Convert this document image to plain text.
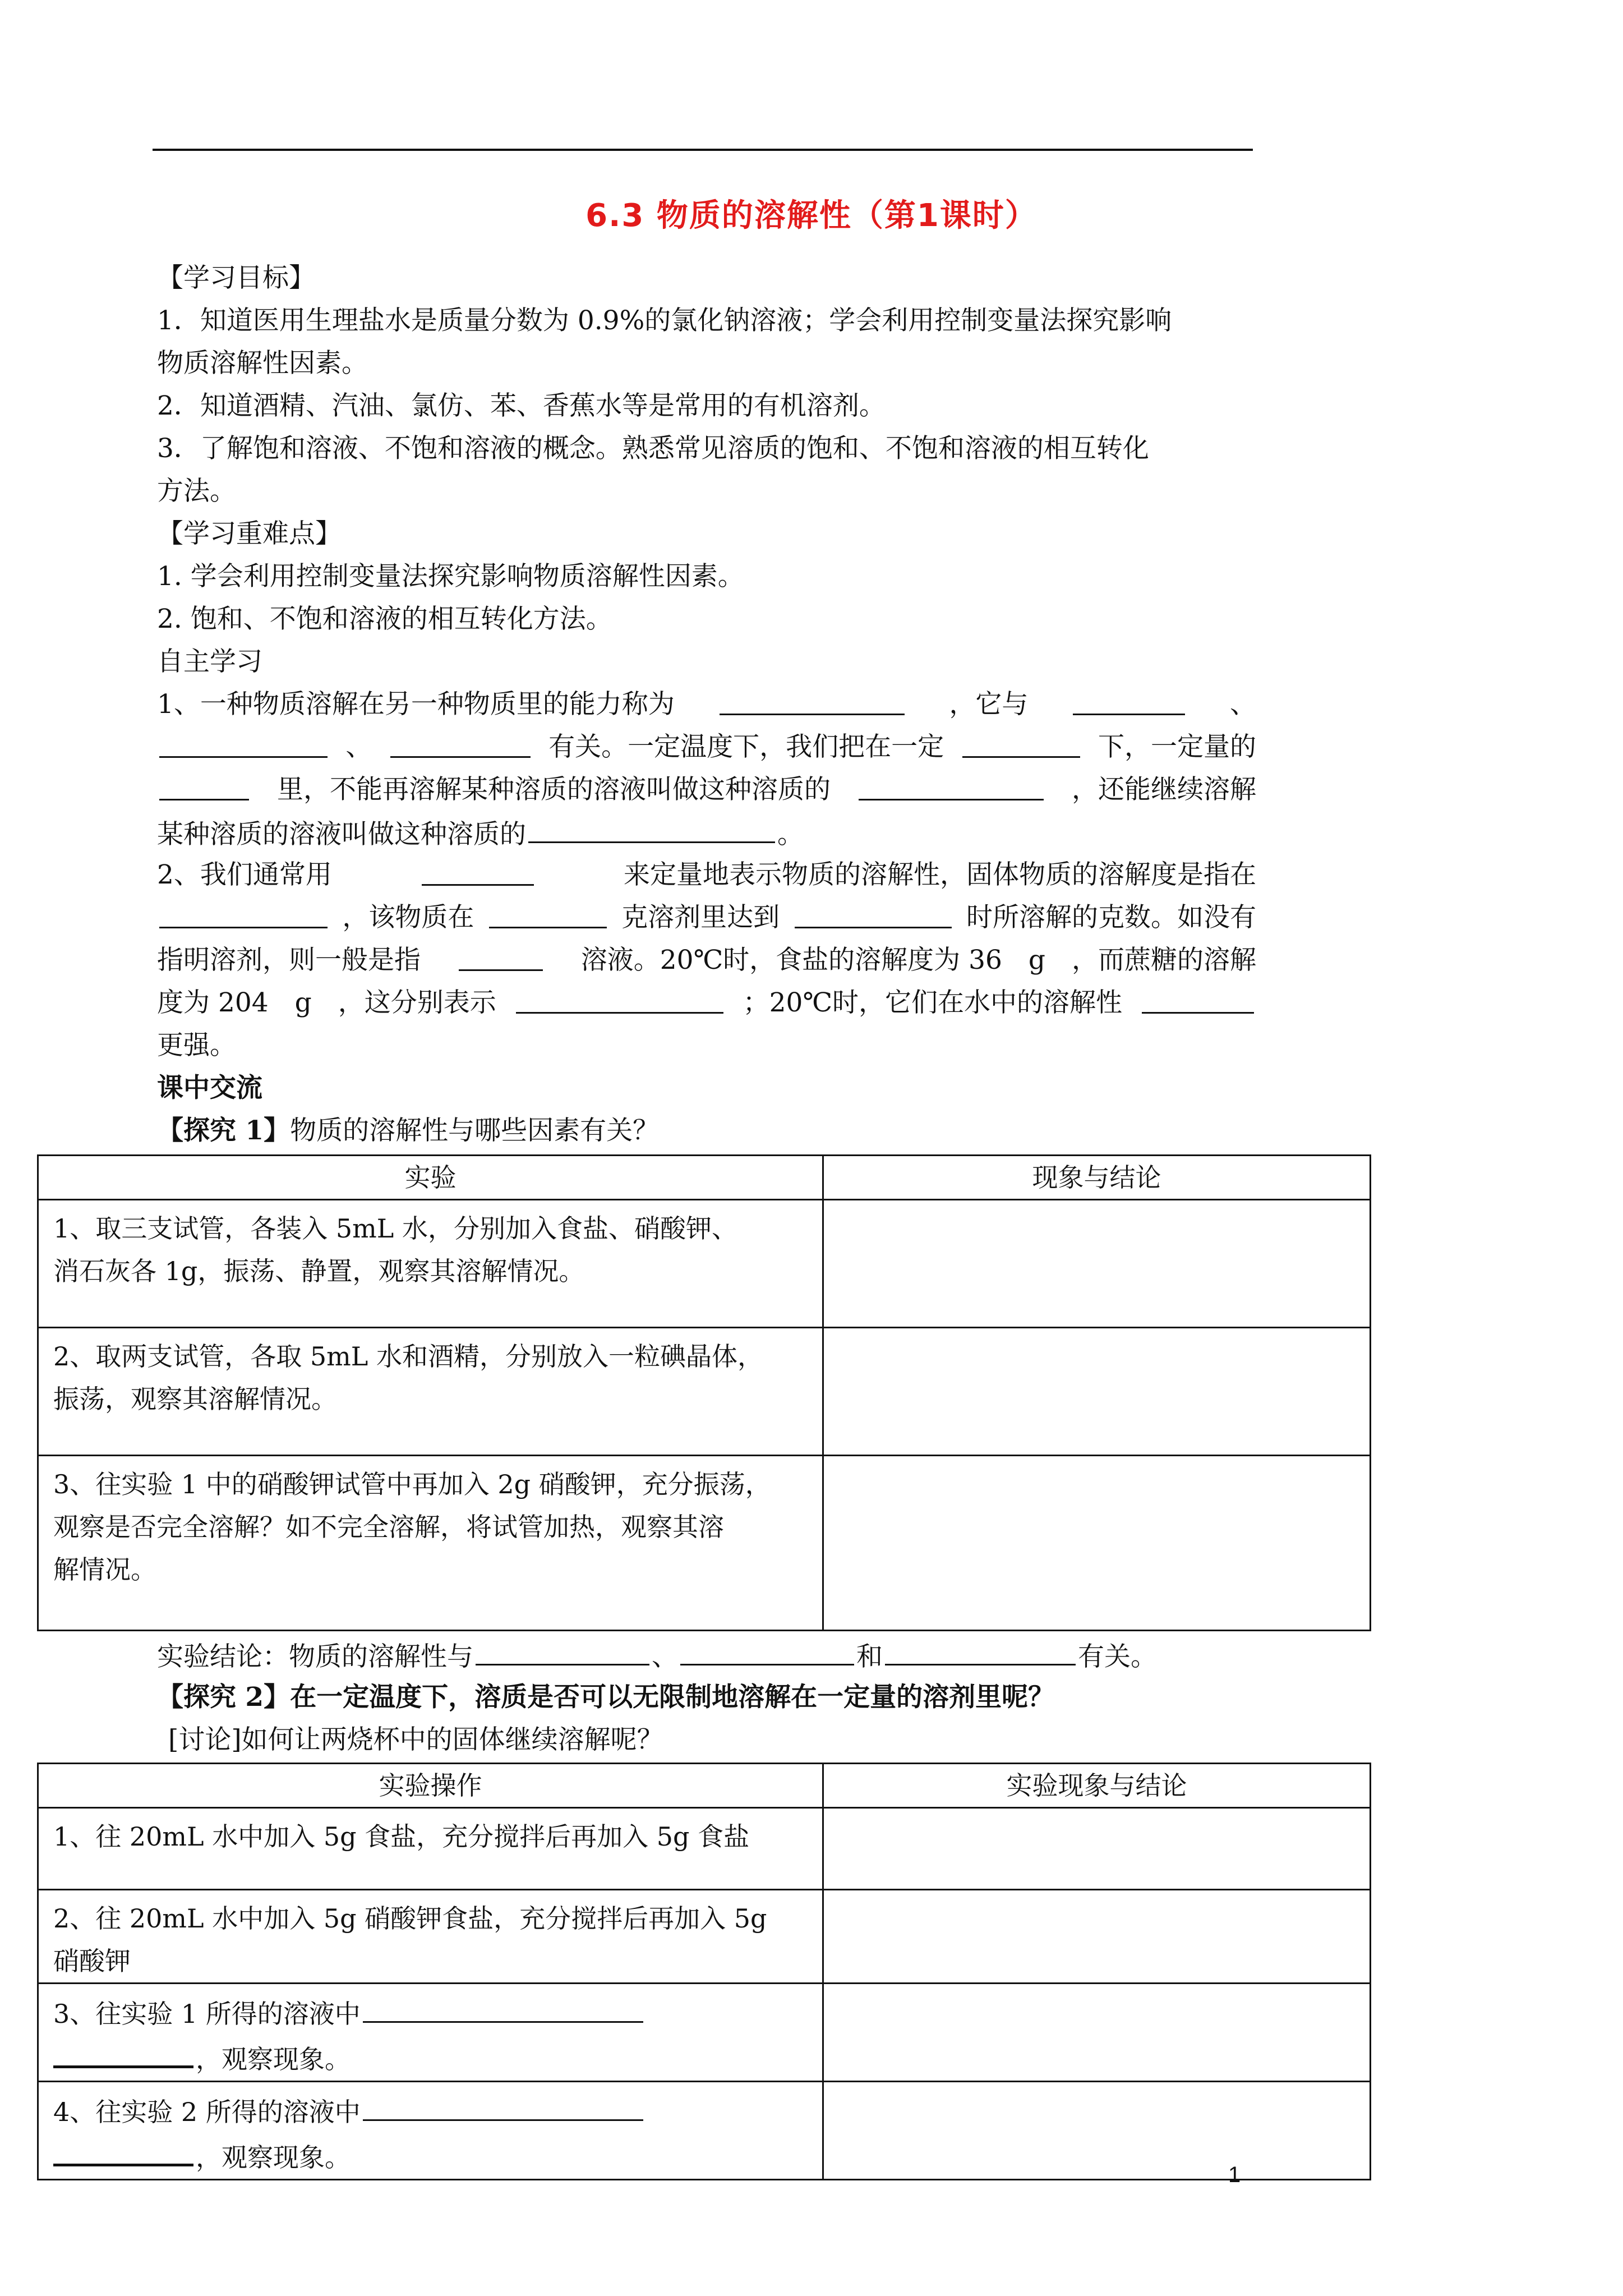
6.3 物质的溶解性（第1课时）
【学习目标】
1．知道医用生理盐水是质量分数为 0.9%的氯化钠溶液；学会利用控制变量法探究影响
物质溶解性因素。
2．知道酒精、汽油、氯仿、苯、香蕉水等是常用的有机溶剂。
3．了解饱和溶液、不饱和溶液的概念。熟悉常见溶质的饱和、不饱和溶液的相互转化
方法。
【学习重难点】
1. 学会利用控制变量法探究影响物质溶解性因素。
2. 饱和、不饱和溶液的相互转化方法。
自主学习
1、一种物质溶解在另一种物质里的能力称为	，它与	、
、	有关。一定温度下，我们把在一定	下，一定量的
里，不能再溶解某种溶质的溶液叫做这种溶质的	，还能继续溶解
某种溶质的溶液叫做这种溶质的	。
2、我们通常用	来定量地表示物质的溶解性，固体物质的溶解度是指在
，该物质在	克溶剂里达到	时所溶解的克数。如没有
指明溶剂，则一般是指	溶液。20℃时，食盐的溶解度为 36　g　，而蔗糖的溶解
度为 204　g　，这分别表示	；20℃时，它们在水中的溶解性
更强。
课中交流
【探究 1】物质的溶解性与哪些因素有关？
实验	现象与结论

1、取三支试管，各装入 5mL 水，分别加入食盐、硝酸钾、
消石灰各 1g，振荡、静置，观察其溶解情况。	

2、取两支试管，各取 5mL 水和酒精，分别放入一粒碘晶体，
振荡，观察其溶解情况。	

3、往实验 1 中的硝酸钾试管中再加入 2g 硝酸钾，充分振荡，
观察是否完全溶解？如不完全溶解，将试管加热，观察其溶
解情况。	

实验结论：物质的溶解性与	、	和	有关。
【探究 2】在一定温度下，溶质是否可以无限制地溶解在一定量的溶剂里呢？
[讨论]如何让两烧杯中的固体继续溶解呢？
实验操作	实验现象与结论

1、往 20mL 水中加入 5g 食盐，充分搅拌后再加入 5g 食盐	

2、往 20mL 水中加入 5g 硝酸钾食盐，充分搅拌后再加入 5g
硝酸钾	

3、往实验 1 所得的溶液中
，观察现象。	

4、往实验 2 所得的溶液中
，观察现象。	

1
